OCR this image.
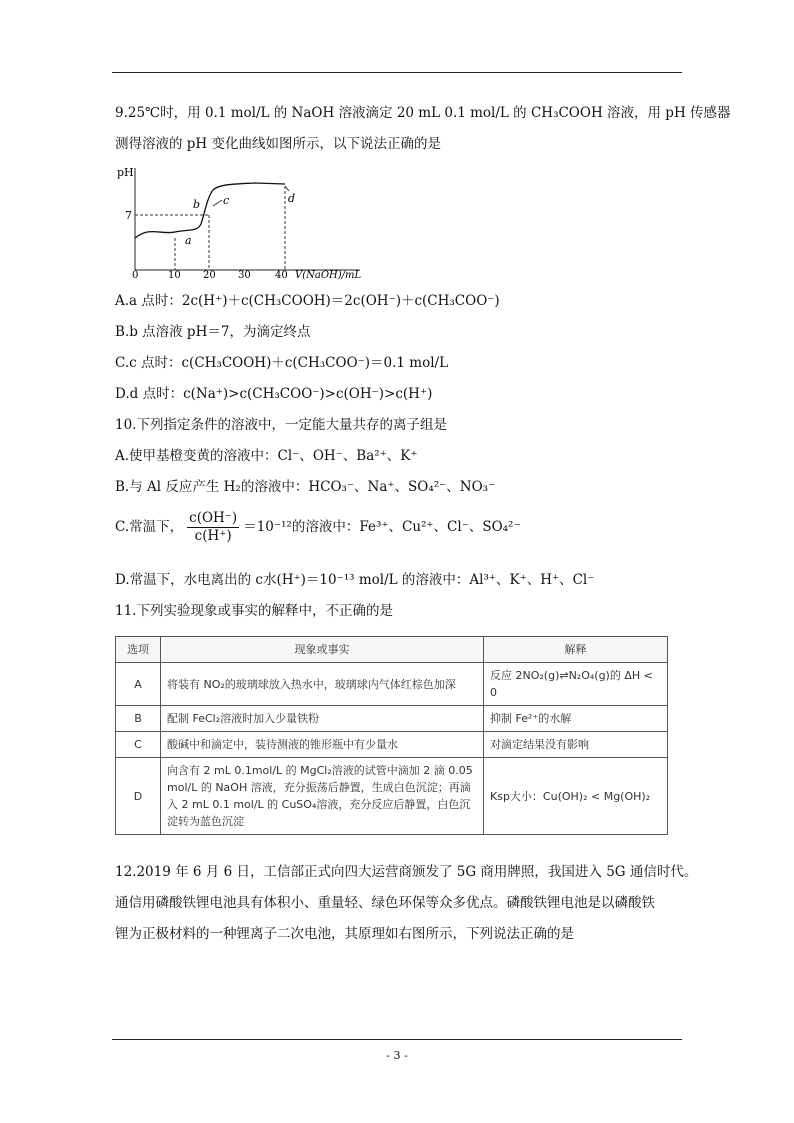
9.25℃时，用 0.1 mol/L 的 NaOH 溶液滴定 20 mL 0.1 mol/L 的 CH₃COOH 溶液，用 pH 传感器
测得溶液的 pH 变化曲线如图所示，以下说法正确的是
pH
7
a
b c	d
0	10 20 30 40 V(NaOH)/mL
A.a 点时：2c(H⁺)＋c(CH₃COOH)＝2c(OH⁻)＋c(CH₃COO⁻)
B.b 点溶液 pH＝7，为滴定终点
C.c 点时：c(CH₃COOH)＋c(CH₃COO⁻)＝0.1 mol/L
D.d 点时：c(Na⁺)>c(CH₃COO⁻)>c(OH⁻)>c(H⁺)
10.下列指定条件的溶液中，一定能大量共存的离子组是
A.使甲基橙变黄的溶液中：Cl⁻、OH⁻、Ba²⁺、K⁺
B.与 Al 反应产生 H₂的溶液中：HCO₃⁻、Na⁺、SO₄²⁻、NO₃⁻
C.常温下， $\frac{c(OH^-)}{c(H^+)} =10^{-12}$的溶液中：Fe³⁺、Cu²⁺、Cl⁻、SO₄²⁻
D.常温下，水电离出的 c水(H⁺)＝10⁻¹³ mol/L 的溶液中：Al³⁺、K⁺、H⁺、Cl⁻
11.下列实验现象或事实的解释中，不正确的是
选项	现象或事实	解释
A	将装有 NO₂的玻璃球放入热水中，玻璃球内气体红棕色加深	反应 2NO₂(g)⇌N₂O₄(g)的 ΔH < 0
B	配制 FeCl₂溶液时加入少量铁粉	抑制 Fe²⁺的水解
C	酸碱中和滴定中，装待测液的锥形瓶中有少量水	对滴定结果没有影响
D	向含有 2 mL 0.1mol/L 的 MgCl₂溶液的试管中滴加 2 滴 0.05 mol/L 的 NaOH 溶液，充分振荡后静置，生成白色沉淀；再滴入 2 mL 0.1 mol/L 的 CuSO₄溶液，充分反应后静置，白色沉淀转为蓝色沉淀	Ksp大小：Cu(OH)₂ < Mg(OH)₂
12.2019 年 6 月 6 日，工信部正式向四大运营商颁发了 5G 商用牌照，我国进入 5G 通信时代。
通信用磷酸铁锂电池具有体积小、重量轻、绿色环保等众多优点。磷酸铁锂电池是以磷酸铁
锂为正极材料的一种锂离子二次电池，其原理如右图所示，下列说法正确的是
- 3 -
